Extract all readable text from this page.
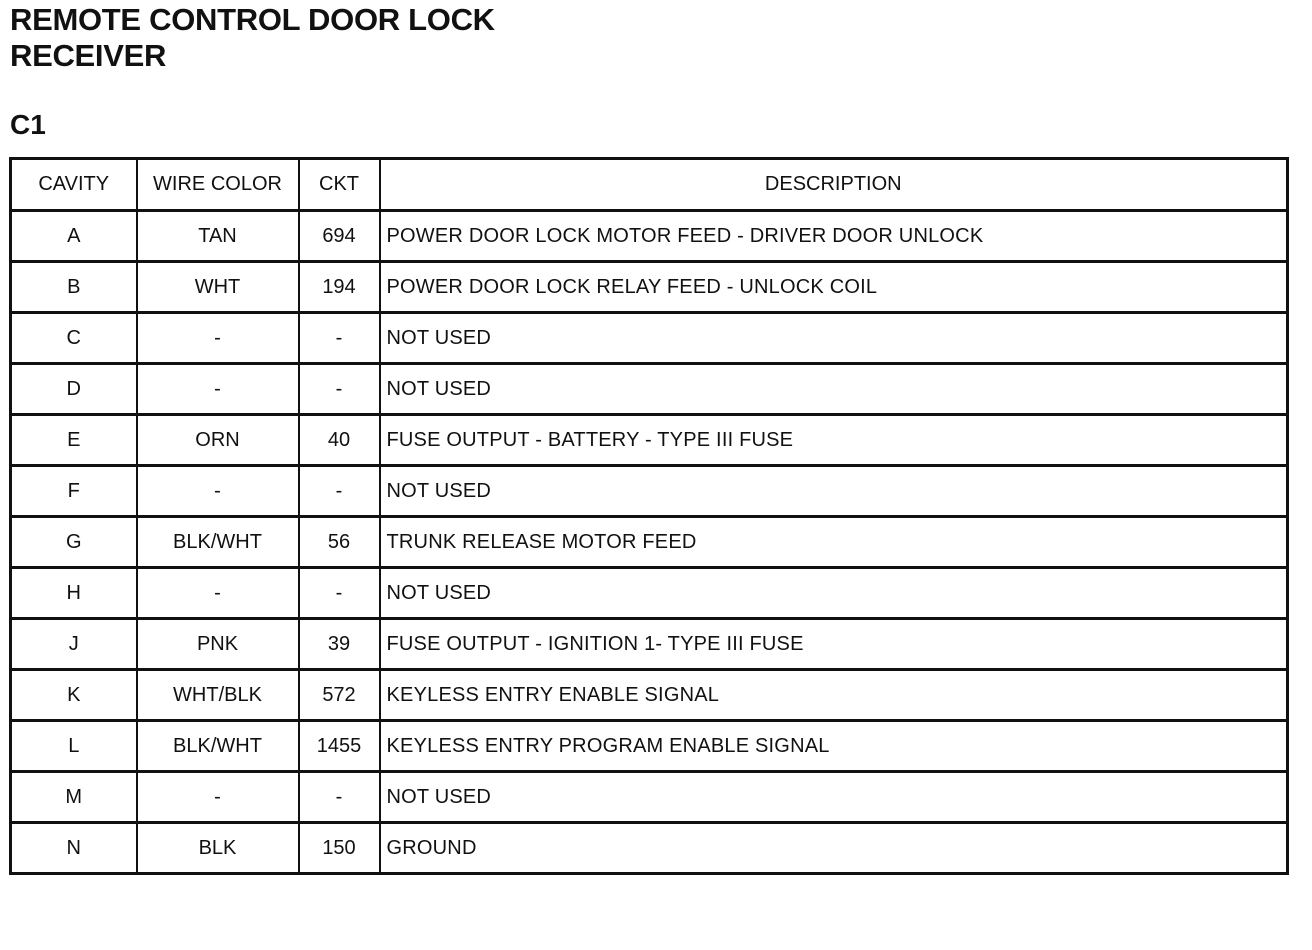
REMOTE CONTROL DOOR LOCK
RECEIVER
C1
CAVITY	WIRE COLOR	CKT	DESCRIPTION
A	TAN	694	POWER DOOR LOCK MOTOR FEED - DRIVER DOOR UNLOCK
B	WHT	194	POWER DOOR LOCK RELAY FEED - UNLOCK COIL
C	-	-	NOT USED
D	-	-	NOT USED
E	ORN	40	FUSE OUTPUT - BATTERY - TYPE III FUSE
F	-	-	NOT USED
G	BLK/WHT	56	TRUNK RELEASE MOTOR FEED
H	-	-	NOT USED
J	PNK	39	FUSE OUTPUT - IGNITION 1- TYPE III FUSE
K	WHT/BLK	572	KEYLESS ENTRY ENABLE SIGNAL
L	BLK/WHT	1455	KEYLESS ENTRY PROGRAM ENABLE SIGNAL
M	-	-	NOT USED
N	BLK	150	GROUND
